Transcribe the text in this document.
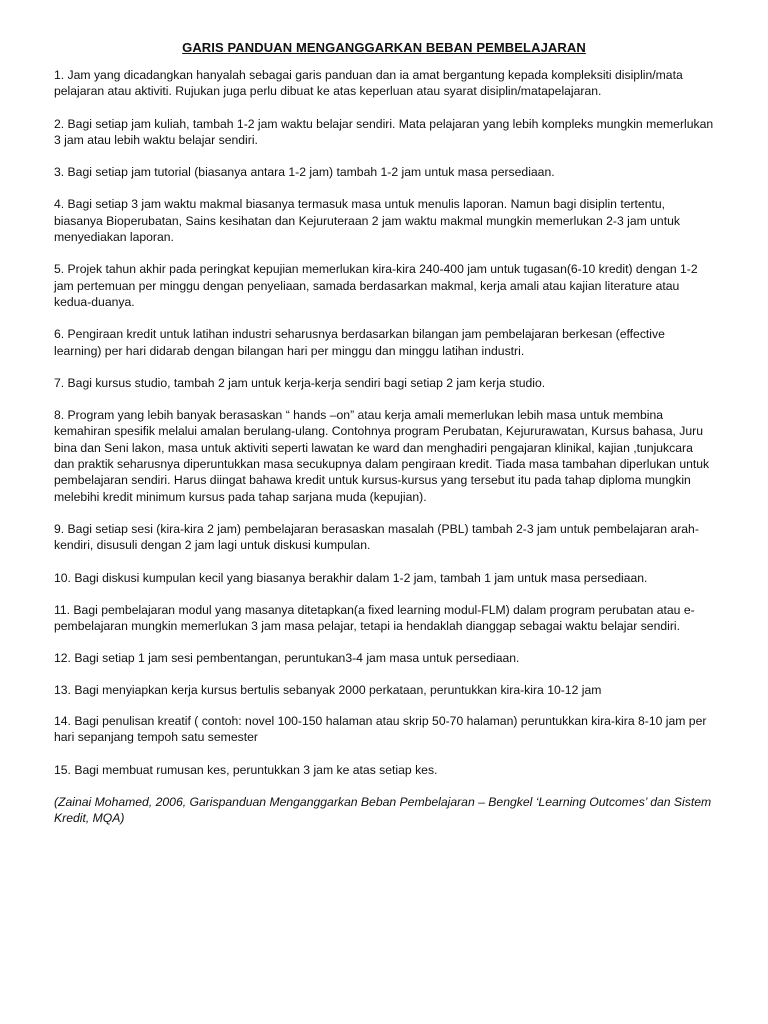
GARIS PANDUAN MENGANGGARKAN BEBAN PEMBELAJARAN

1. Jam yang dicadangkan hanyalah sebagai garis panduan dan ia amat bergantung kepada kompleksiti disiplin/mata pelajaran atau aktiviti. Rujukan juga perlu dibuat ke atas keperluan atau syarat disiplin/matapelajaran.

2. Bagi setiap jam kuliah, tambah 1-2 jam waktu belajar sendiri. Mata pelajaran yang lebih kompleks mungkin memerlukan 3 jam atau lebih waktu belajar sendiri.

3. Bagi setiap jam tutorial (biasanya antara 1-2 jam) tambah 1-2 jam untuk masa persediaan.

4. Bagi setiap 3 jam waktu makmal biasanya termasuk masa untuk menulis laporan. Namun bagi disiplin tertentu, biasanya Bioperubatan, Sains kesihatan dan Kejuruteraan 2 jam waktu makmal mungkin memerlukan 2-3 jam untuk menyediakan laporan.

5. Projek tahun akhir pada peringkat kepujian memerlukan kira-kira 240-400 jam untuk tugasan(6-10 kredit) dengan 1-2 jam pertemuan per minggu dengan penyeliaan, samada berdasarkan makmal, kerja amali atau kajian literature atau kedua-duanya.

6. Pengiraan kredit untuk latihan industri seharusnya berdasarkan bilangan jam pembelajaran berkesan (effective learning) per hari didarab dengan bilangan hari per minggu dan minggu latihan industri.

7. Bagi kursus studio, tambah 2 jam untuk kerja-kerja sendiri bagi setiap 2 jam kerja studio.

8. Program yang lebih banyak berasaskan “ hands –on” atau kerja amali memerlukan lebih masa untuk membina kemahiran spesifik melalui amalan berulang-ulang. Contohnya program Perubatan, Kejururawatan, Kursus bahasa, Juru bina dan Seni lakon, masa untuk aktiviti seperti lawatan ke ward dan menghadiri pengajaran klinikal, kajian ,tunjukcara dan praktik seharusnya diperuntukkan masa secukupnya dalam pengiraan kredit. Tiada masa tambahan diperlukan untuk pembelajaran sendiri. Harus diingat bahawa kredit untuk kursus-kursus yang tersebut itu pada tahap diploma mungkin melebihi kredit minimum kursus pada tahap sarjana muda (kepujian).

9. Bagi setiap sesi (kira-kira 2 jam) pembelajaran berasaskan masalah (PBL) tambah 2-3 jam untuk pembelajaran arah-kendiri, disusuli dengan 2 jam lagi untuk diskusi kumpulan.

10. Bagi diskusi kumpulan kecil yang biasanya berakhir dalam 1-2 jam, tambah 1 jam untuk masa persediaan.

11. Bagi pembelajaran modul yang masanya ditetapkan(a fixed learning modul-FLM) dalam program perubatan atau e- pembelajaran mungkin memerlukan 3 jam masa pelajar, tetapi ia hendaklah dianggap sebagai waktu belajar sendiri.

12. Bagi setiap 1 jam sesi pembentangan, peruntukan3-4 jam masa untuk persediaan.

13. Bagi menyiapkan kerja kursus bertulis sebanyak 2000 perkataan, peruntukkan kira-kira 10-12 jam

14. Bagi penulisan kreatif ( contoh: novel 100-150 halaman atau skrip 50-70 halaman) peruntukkan kira-kira 8-10 jam per hari sepanjang tempoh satu semester

15. Bagi membuat rumusan kes, peruntukkan 3 jam ke atas setiap kes.

(Zainai Mohamed, 2006, Garispanduan Menganggarkan Beban Pembelajaran – Bengkel ‘Learning Outcomes’ dan Sistem Kredit, MQA)
